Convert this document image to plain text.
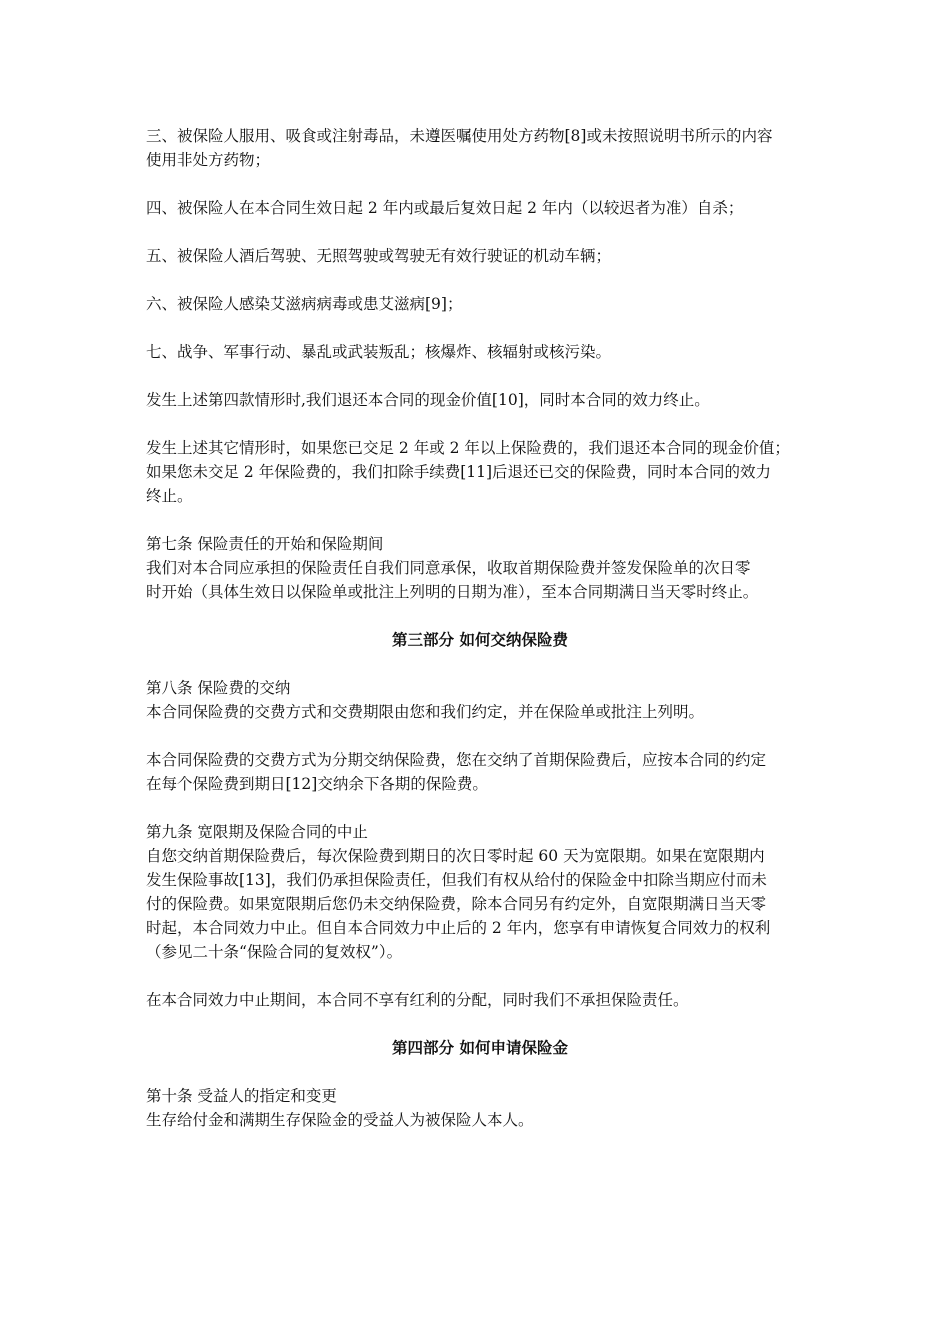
三、被保险人服用、吸食或注射毒品，未遵医嘱使用处方药物[8]或未按照说明书所示的内容
使用非处方药物；

四、被保险人在本合同生效日起 2 年内或最后复效日起 2 年内（以较迟者为准）自杀；

五、被保险人酒后驾驶、无照驾驶或驾驶无有效行驶证的机动车辆；

六、被保险人感染艾滋病病毒或患艾滋病[9]；

七、战争、军事行动、暴乱或武装叛乱；核爆炸、核辐射或核污染。

发生上述第四款情形时,我们退还本合同的现金价值[10]，同时本合同的效力终止。

发生上述其它情形时，如果您已交足 2 年或 2 年以上保险费的，我们退还本合同的现金价值；
如果您未交足 2 年保险费的，我们扣除手续费[11]后退还已交的保险费，同时本合同的效力
终止。

第七条 保险责任的开始和保险期间

我们对本合同应承担的保险责任自我们同意承保，收取首期保险费并签发保险单的次日零
时开始（具体生效日以保险单或批注上列明的日期为准），至本合同期满日当天零时终止。

第三部分 如何交纳保险费

第八条 保险费的交纳

本合同保险费的交费方式和交费期限由您和我们约定，并在保险单或批注上列明。

本合同保险费的交费方式为分期交纳保险费，您在交纳了首期保险费后，应按本合同的约定
在每个保险费到期日[12]交纳余下各期的保险费。

第九条 宽限期及保险合同的中止

自您交纳首期保险费后，每次保险费到期日的次日零时起 60 天为宽限期。如果在宽限期内
发生保险事故[13]，我们仍承担保险责任，但我们有权从给付的保险金中扣除当期应付而未
付的保险费。如果宽限期后您仍未交纳保险费，除本合同另有约定外，自宽限期满日当天零
时起，本合同效力中止。但自本合同效力中止后的 2 年内，您享有申请恢复合同效力的权利
（参见二十条“保险合同的复效权”）。

在本合同效力中止期间，本合同不享有红利的分配，同时我们不承担保险责任。

第四部分 如何申请保险金

第十条 受益人的指定和变更

生存给付金和满期生存保险金的受益人为被保险人本人。
